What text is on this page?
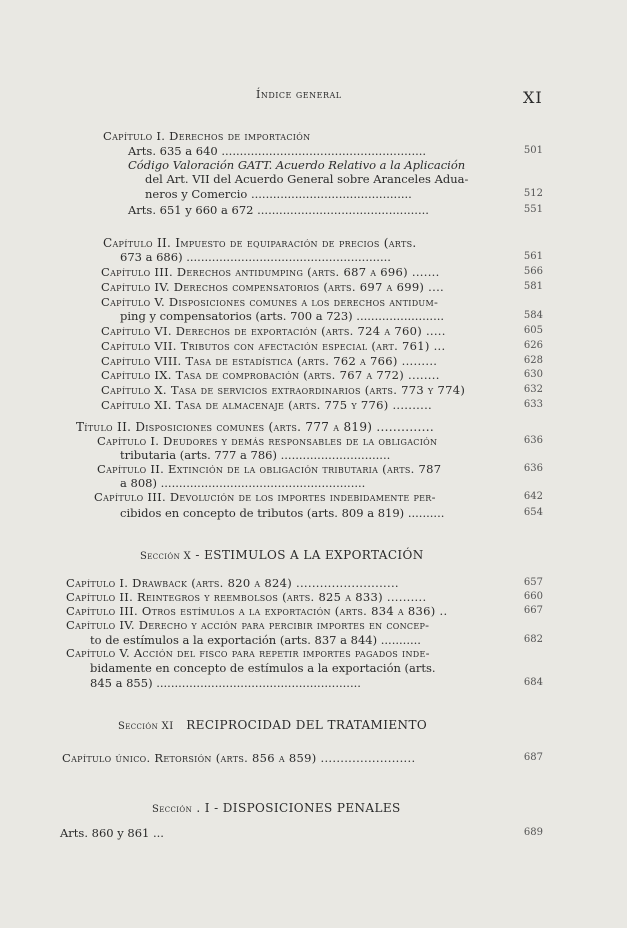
Índice general	XI
Capítulo I. Derechos de importación
Arts. 635 a 640 ........................................................	501
Código Valoración GATT. Acuerdo Relativo a la Aplicación
del Art. VII del Acuerdo General sobre Aranceles Adua-
neros y Comercio ............................................	512
Arts. 651 y 660 a 672 ...............................................	551
Capítulo II. Impuesto de equiparación de precios (arts.
673 a 686) ........................................................	561
Capítulo III. Derechos antidumping (arts. 687 a 696) .......	566
Capítulo IV. Derechos compensatorios (arts. 697 a 699) ....	581
Capítulo V. Disposiciones comunes a los derechos antidum-
ping y compensatorios (arts. 700 a 723) ........................	584
Capítulo VI. Derechos de exportación (arts. 724 a 760) .....	605
Capítulo VII. Tributos con afectación especial (art. 761) ...	626
Capítulo VIII. Tasa de estadística (arts. 762 a 766) .........	628
Capítulo IX. Tasa de comprobación (arts. 767 a 772) ........	630
Capítulo X. Tasa de servicios extraordinarios (arts. 773 y 774)	632
Capítulo XI. Tasa de almacenaje (arts. 775 y 776) ..........	633
Título II. Disposiciones comunes (arts. 777 a 819) ..............
Capítulo I. Deudores y demás responsables de la obligación	636
tributaria (arts. 777 a 786) ..............................
Capítulo II. Extinción de la obligación tributaria (arts. 787	636
a 808) ........................................................
Capítulo III. Devolución de los importes indebidamente per-	642
cibidos en concepto de tributos (arts. 809 a 819) ..........	654
Sección X - ESTIMULOS A LA EXPORTACIÓN
Capítulo I. Drawback (arts. 820 a 824) ..........................	657
Capítulo II. Reintegros y reembolsos (arts. 825 a 833) ..........	660
Capítulo III. Otros estímulos a la exportación (arts. 834 a 836) ..	667
Capítulo IV. Derecho y acción para percibir importes en concep-
to de estímulos a la exportación (arts. 837 a 844) ...........	682
Capítulo V. Acción del fisco para repetir importes pagados inde-
bidamente en concepto de estímulos a la exportación (arts.
845 a 855) ........................................................	684
Sección XI RECIPROCIDAD DEL TRATAMIENTO
Capítulo único. Retorsión (arts. 856 a 859) ........................	687
Sección . I - DISPOSICIONES PENALES
Arts. 860 y 861 ...	689
